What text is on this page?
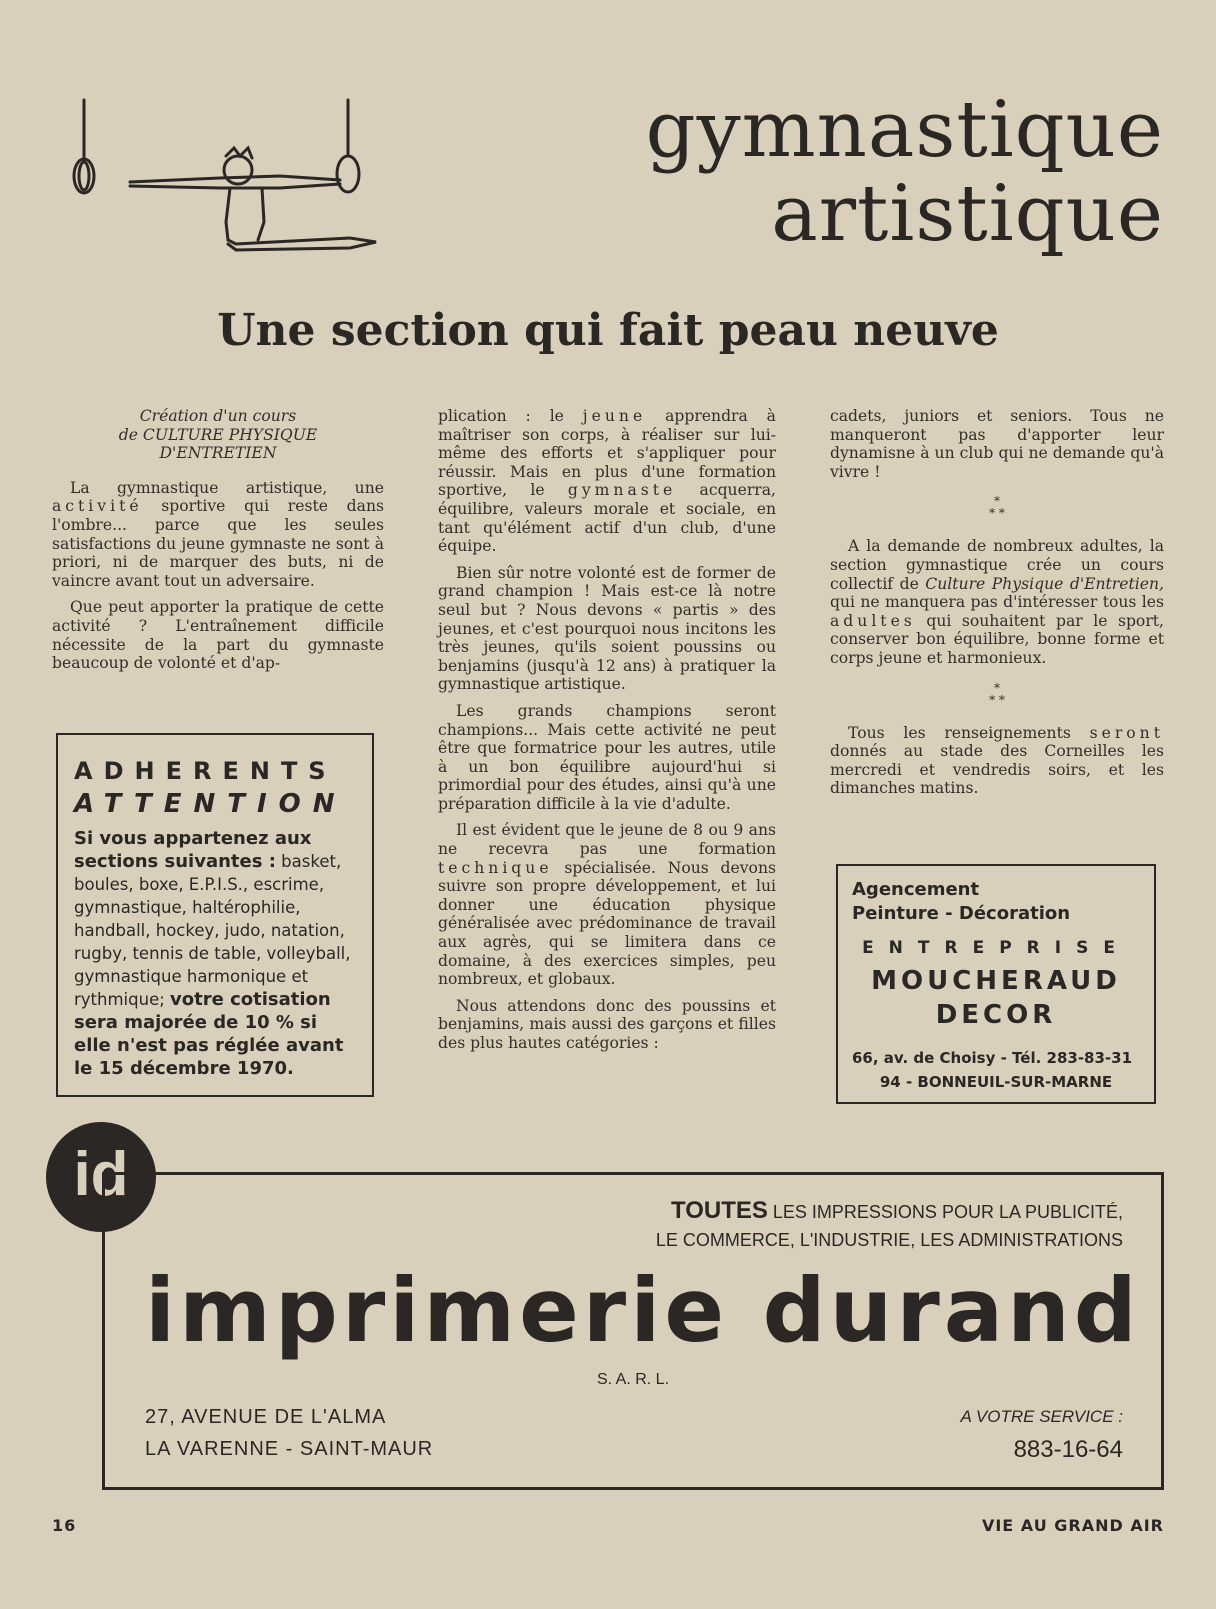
gymnastique
artistique
Une section qui fait peau neuve
Création d'un cours
de CULTURE PHYSIQUE
D'ENTRETIEN

La gymnastique artistique, une activité sportive qui reste dans l'ombre... parce que les seules satisfactions du jeune gymnaste ne sont à priori, ni de marquer des buts, ni de vaincre avant tout un adversaire.

Que peut apporter la pratique de cette activité ? L'entraînement difficile nécessite de la part du gymnaste beaucoup de volonté et d'ap-

ADHERENTS
ATTENTION
Si vous appartenez aux sections suivantes : basket, boules, boxe, E.P.I.S., escrime, gymnastique, haltérophilie, handball, hockey, judo, natation, rugby, tennis de table, volleyball, gymnastique harmonique et rythmique; votre cotisation sera majorée de 10 % si elle n'est pas réglée avant le 15 décembre 1970.

plication : le jeune apprendra à maîtriser son corps, à réaliser sur lui-même des efforts et s'appliquer pour réussir. Mais en plus d'une formation sportive, le gymnaste acquerra, équilibre, valeurs morale et sociale, en tant qu'élément actif d'un club, d'une équipe.

Bien sûr notre volonté est de former de grand champion ! Mais est-ce là notre seul but ? Nous devons « partis » des jeunes, et c'est pourquoi nous incitons les très jeunes, qu'ils soient poussins ou benjamins (jusqu'à 12 ans) à pratiquer la gymnastique artistique.

Les grands champions seront champions... Mais cette activité ne peut être que formatrice pour les autres, utile à un bon équilibre aujourd'hui si primordial pour des études, ainsi qu'à une préparation difficile à la vie d'adulte.

Il est évident que le jeune de 8 ou 9 ans ne recevra pas une formation technique spécialisée. Nous devons suivre son propre développement, et lui donner une éducation physique généralisée avec prédominance de travail aux agrès, qui se limitera dans ce domaine, à des exercices simples, peu nombreux, et globaux.

Nous attendons donc des poussins et benjamins, mais aussi des garçons et filles des plus hautes catégories :

cadets, juniors et seniors. Tous ne manqueront pas d'apporter leur dynamisne à un club qui ne demande qu'à vivre !

*
* *

A la demande de nombreux adultes, la section gymnastique crée un cours collectif de Culture Physique d'Entretien, qui ne manquera pas d'intéresser tous les adultes qui souhaitent par le sport, conserver bon équilibre, bonne forme et corps jeune et harmonieux.

*
* *

Tous les renseignements seront donnés au stade des Corneilles les mercredi et vendredis soirs, et les dimanches matins.

Agencement
Peinture - Décoration
ENTREPRISE
MOUCHERAUD
DECOR
66, av. de Choisy - Tél. 283-83-31
94 - BONNEUIL-SUR-MARNE
id
TOUTES LES IMPRESSIONS POUR LA PUBLICITÉ,
LE COMMERCE, L'INDUSTRIE, LES ADMINISTRATIONS
imprimerie durand
S. A. R. L.
27, AVENUE DE L'ALMA
LA VARENNE - SAINT-MAUR
A VOTRE SERVICE :
883-16-64
16	VIE AU GRAND AIR
